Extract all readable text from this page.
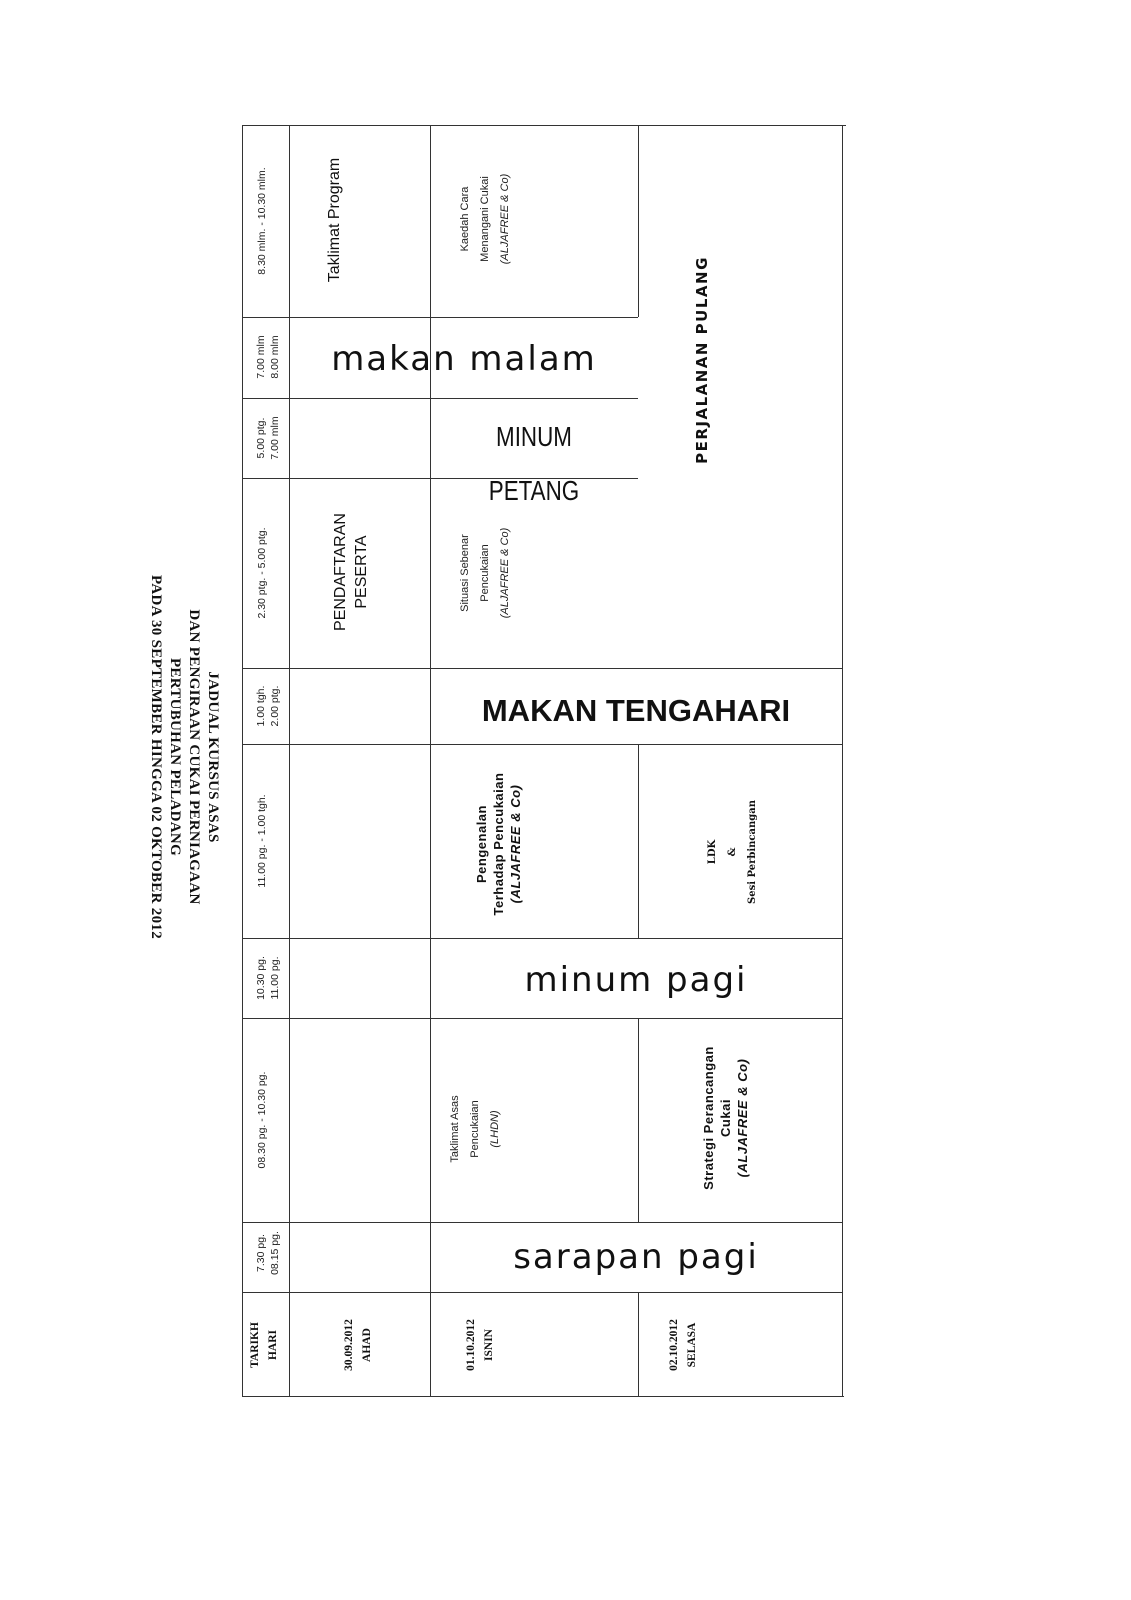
JADUAL KURSUS ASAS
DAN PENGIRAAN CUKAI PERNIAGAAN
PERTUBUHAN PELADANG
PADA 30 SEPTEMBER HINGGA 02 OKTOBER 2012
TARIKH HARI
7.30 pg. 08.15 pg.
08.30 pg. - 10.30 pg.
10.30 pg. 11.00 pg.
11.00 pg. - 1.00 tgh.
1.00 tgh. 2.00 ptg.
2.30 ptg. - 5.00 ptg.
5.00 ptg. 7.00 mlm
7.00 mlm 8.00 mlm
8.30 mlm. - 10.30 mlm.
30.09.2012 AHAD	01.10.2012 ISNIN	02.10.2012 SELASA
sarapan pagi
minum pagi
MAKAN TENGAHARI
makan malam
MINUM PETANG
PERJALANAN PULANG
PENDAFTARAN PESERTA
Taklimat Program
Taklimat Asas Pencukaian (LHDN)
Pengenalan Terhadap Pencukaian (ALJAFREE & Co)
Situasi Sebenar Pencukaian (ALJAFREE & Co)
Kaedah Cara Menangani Cukai (ALJAFREE & Co)
Strategi Perancangan Cukai (ALJAFREE & Co)
LDK & Sesi Perbincangan
